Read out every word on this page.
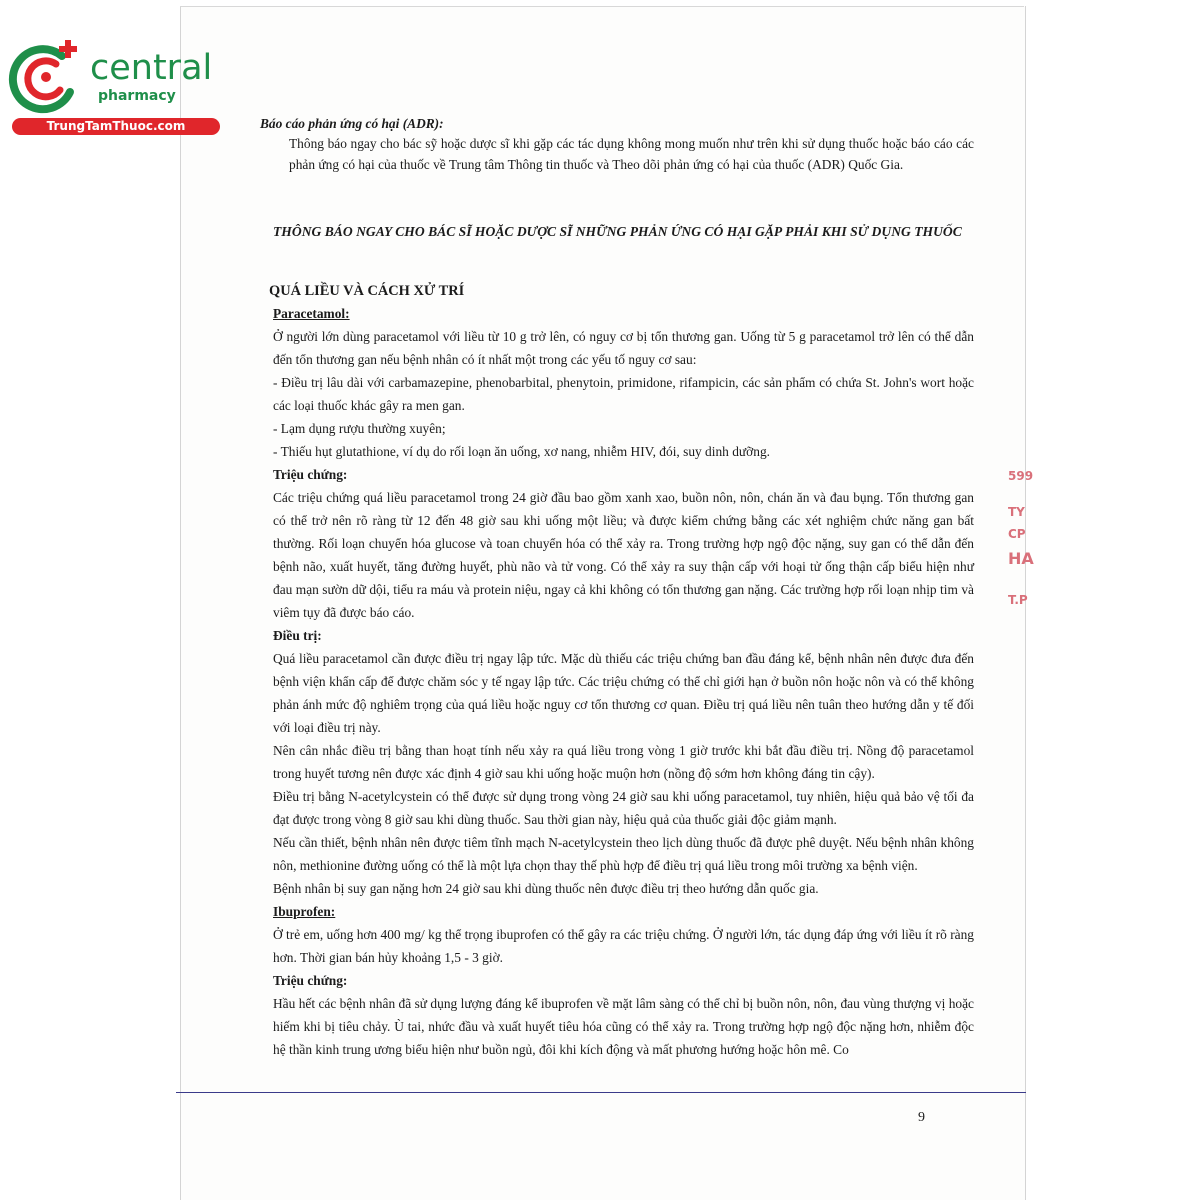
central
pharmacy
TrungTamThuoc.com	Báo cáo phản ứng có hại (ADR):
Thông báo ngay cho bác sỹ hoặc dược sĩ khi gặp các tác dụng không mong muốn như trên khi sử dụng thuốc hoặc báo cáo các phản ứng có hại của thuốc về Trung tâm Thông tin thuốc và Theo dõi phản ứng có hại của thuốc (ADR) Quốc Gia.
THÔNG BÁO NGAY CHO BÁC SĨ HOẶC DƯỢC SĨ NHỮNG PHẢN ỨNG CÓ HẠI GẶP PHẢI KHI SỬ DỤNG THUỐC
QUÁ LIỀU VÀ CÁCH XỬ TRÍ

Paracetamol:

Ở người lớn dùng paracetamol với liều từ 10 g trở lên, có nguy cơ bị tổn thương gan. Uống từ 5 g paracetamol trở lên có thể dẫn đến tổn thương gan nếu bệnh nhân có ít nhất một trong các yếu tố nguy cơ sau:

- Điều trị lâu dài với carbamazepine, phenobarbital, phenytoin, primidone, rifampicin, các sản phẩm có chứa St. John's wort hoặc các loại thuốc khác gây ra men gan.

- Lạm dụng rượu thường xuyên;

- Thiếu hụt glutathione, ví dụ do rối loạn ăn uống, xơ nang, nhiễm HIV, đói, suy dinh dưỡng.

Triệu chứng:

Các triệu chứng quá liều paracetamol trong 24 giờ đầu bao gồm xanh xao, buồn nôn, nôn, chán ăn và đau bụng. Tổn thương gan có thể trở nên rõ ràng từ 12 đến 48 giờ sau khi uống một liều; và được kiểm chứng bằng các xét nghiệm chức năng gan bất thường. Rối loạn chuyển hóa glucose và toan chuyển hóa có thể xảy ra. Trong trường hợp ngộ độc nặng, suy gan có thể dẫn đến bệnh não, xuất huyết, tăng đường huyết, phù não và tử vong. Có thể xảy ra suy thận cấp với hoại tử ống thận cấp biểu hiện như đau mạn sườn dữ dội, tiểu ra máu và protein niệu, ngay cả khi không có tổn thương gan nặng. Các trường hợp rối loạn nhịp tim và viêm tụy đã được báo cáo.

Điều trị:

Quá liều paracetamol cần được điều trị ngay lập tức. Mặc dù thiếu các triệu chứng ban đầu đáng kể, bệnh nhân nên được đưa đến bệnh viện khẩn cấp để được chăm sóc y tế ngay lập tức. Các triệu chứng có thể chỉ giới hạn ở buồn nôn hoặc nôn và có thể không phản ánh mức độ nghiêm trọng của quá liều hoặc nguy cơ tổn thương cơ quan. Điều trị quá liều nên tuân theo hướng dẫn y tế đối với loại điều trị này.

Nên cân nhắc điều trị bằng than hoạt tính nếu xảy ra quá liều trong vòng 1 giờ trước khi bắt đầu điều trị. Nồng độ paracetamol trong huyết tương nên được xác định 4 giờ sau khi uống hoặc muộn hơn (nồng độ sớm hơn không đáng tin cậy).

Điều trị bằng N-acetylcystein có thể được sử dụng trong vòng 24 giờ sau khi uống paracetamol, tuy nhiên, hiệu quả bảo vệ tối đa đạt được trong vòng 8 giờ sau khi dùng thuốc. Sau thời gian này, hiệu quả của thuốc giải độc giảm mạnh.

Nếu cần thiết, bệnh nhân nên được tiêm tĩnh mạch N-acetylcystein theo lịch dùng thuốc đã được phê duyệt. Nếu bệnh nhân không nôn, methionine đường uống có thể là một lựa chọn thay thế phù hợp để điều trị quá liều trong môi trường xa bệnh viện.

Bệnh nhân bị suy gan nặng hơn 24 giờ sau khi dùng thuốc nên được điều trị theo hướng dẫn quốc gia.

Ibuprofen:

Ở trẻ em, uống hơn 400 mg/ kg thể trọng ibuprofen có thể gây ra các triệu chứng. Ở người lớn, tác dụng đáp ứng với liều ít rõ ràng hơn. Thời gian bán hủy khoảng 1,5 - 3 giờ.

Triệu chứng:

Hầu hết các bệnh nhân đã sử dụng lượng đáng kể ibuprofen về mặt lâm sàng có thể chỉ bị buồn nôn, nôn, đau vùng thượng vị hoặc hiếm khi bị tiêu chảy. Ù tai, nhức đầu và xuất huyết tiêu hóa cũng có thể xảy ra. Trong trường hợp ngộ độc nặng hơn, nhiễm độc hệ thần kinh trung ương biểu hiện như buồn ngủ, đôi khi kích động và mất phương hướng hoặc hôn mê. Co

9
599
TY
CP
HA
T.P
